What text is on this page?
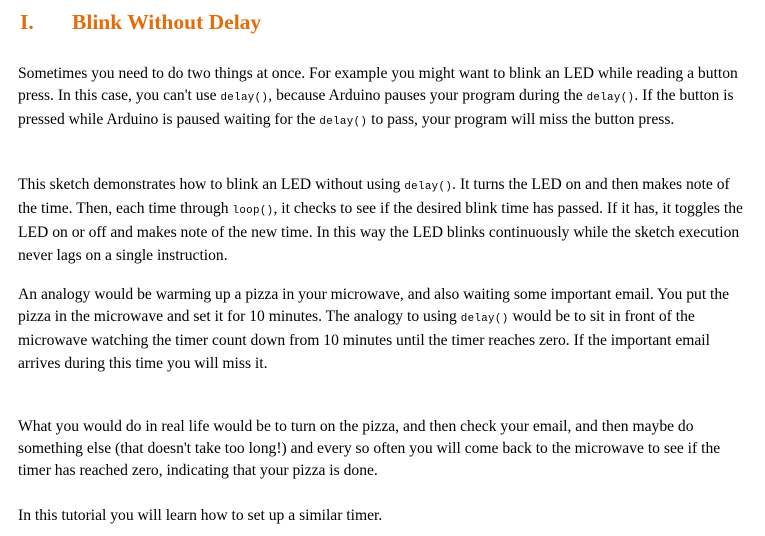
I. Blink Without Delay

Sometimes you need to do two things at once. For example you might want to blink an LED while reading a button press. In this case, you can't use delay(), because Arduino pauses your program during the delay(). If the button is pressed while Arduino is paused waiting for the delay() to pass, your program will miss the button press.

This sketch demonstrates how to blink an LED without using delay(). It turns the LED on and then makes note of the time. Then, each time through loop(), it checks to see if the desired blink time has passed. If it has, it toggles the LED on or off and makes note of the new time. In this way the LED blinks continuously while the sketch execution never lags on a single instruction.

An analogy would be warming up a pizza in your microwave, and also waiting some important email. You put the pizza in the microwave and set it for 10 minutes. The analogy to using delay() would be to sit in front of the microwave watching the timer count down from 10 minutes until the timer reaches zero. If the important email arrives during this time you will miss it.

What you would do in real life would be to turn on the pizza, and then check your email, and then maybe do something else (that doesn't take too long!) and every so often you will come back to the microwave to see if the timer has reached zero, indicating that your pizza is done.

In this tutorial you will learn how to set up a similar timer.
